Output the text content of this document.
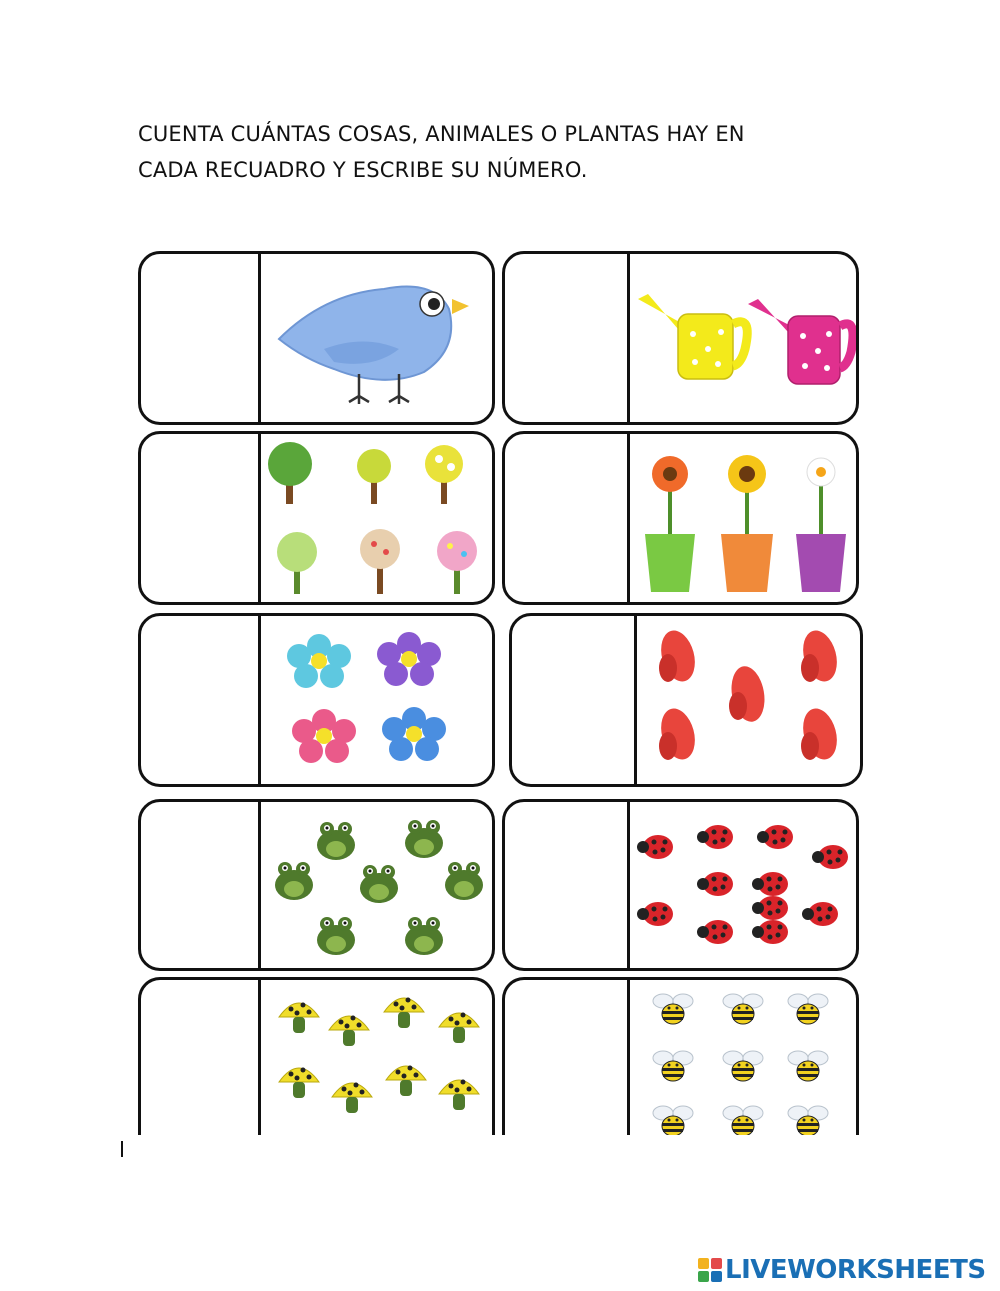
CUENTA CUÁNTAS COSAS, ANIMALES O PLANTAS HAY EN
CADA RECUADRO Y ESCRIBE SU NÚMERO.
LIVEWORKSHEETS
